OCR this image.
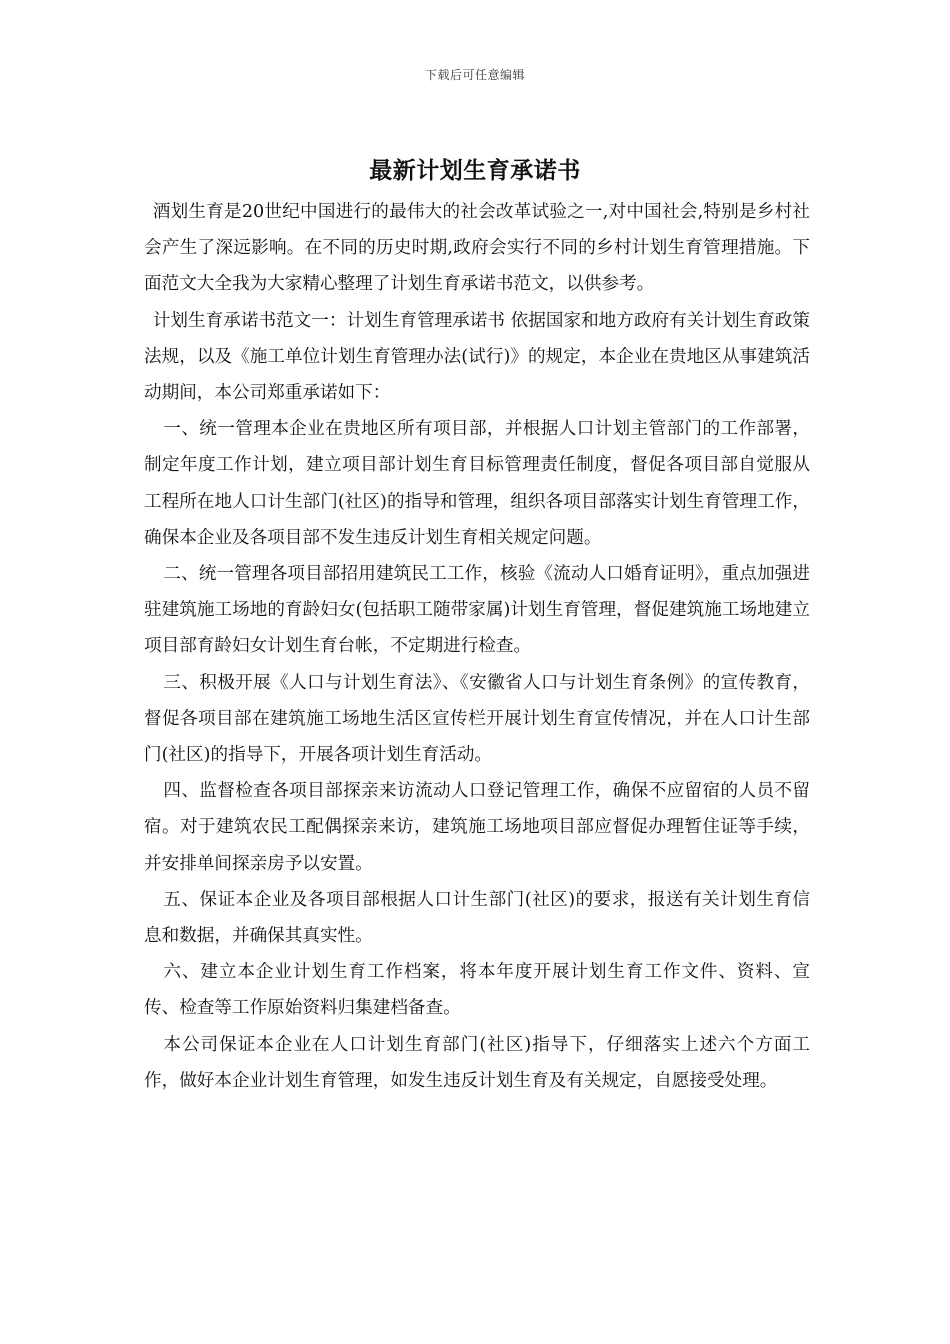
下载后可任意编辑
最新计划生育承诺书

酒划生育是20世纪中国进行的最伟大的社会改革试验之一,对中国社会,特别是乡村社会产生了深远影响。在不同的历史时期,政府会实行不同的乡村计划生育管理措施。下面范文大全我为大家精心整理了计划生育承诺书范文，以供参考。

计划生育承诺书范文一：计划生育管理承诺书 依据国家和地方政府有关计划生育政策法规，以及《施工单位计划生育管理办法(试行)》的规定，本企业在贵地区从事建筑活动期间，本公司郑重承诺如下：

一、统一管理本企业在贵地区所有项目部，并根据人口计划主管部门的工作部署，制定年度工作计划，建立项目部计划生育目标管理责任制度，督促各项目部自觉服从工程所在地人口计生部门(社区)的指导和管理，组织各项目部落实计划生育管理工作，确保本企业及各项目部不发生违反计划生育相关规定问题。

二、统一管理各项目部招用建筑民工工作，核验《流动人口婚育证明》，重点加强进驻建筑施工场地的育龄妇女(包括职工随带家属)计划生育管理，督促建筑施工场地建立项目部育龄妇女计划生育台帐，不定期进行检查。

三、积极开展《人口与计划生育法》、《安徽省人口与计划生育条例》的宣传教育，督促各项目部在建筑施工场地生活区宣传栏开展计划生育宣传情况，并在人口计生部门(社区)的指导下，开展各项计划生育活动。

四、监督检查各项目部探亲来访流动人口登记管理工作，确保不应留宿的人员不留宿。对于建筑农民工配偶探亲来访，建筑施工场地项目部应督促办理暂住证等手续，并安排单间探亲房予以安置。

五、保证本企业及各项目部根据人口计生部门(社区)的要求，报送有关计划生育信息和数据，并确保其真实性。

六、建立本企业计划生育工作档案，将本年度开展计划生育工作文件、资料、宣传、检查等工作原始资料归集建档备查。

本公司保证本企业在人口计划生育部门(社区)指导下，仔细落实上述六个方面工作，做好本企业计划生育管理，如发生违反计划生育及有关规定，自愿接受处理。
